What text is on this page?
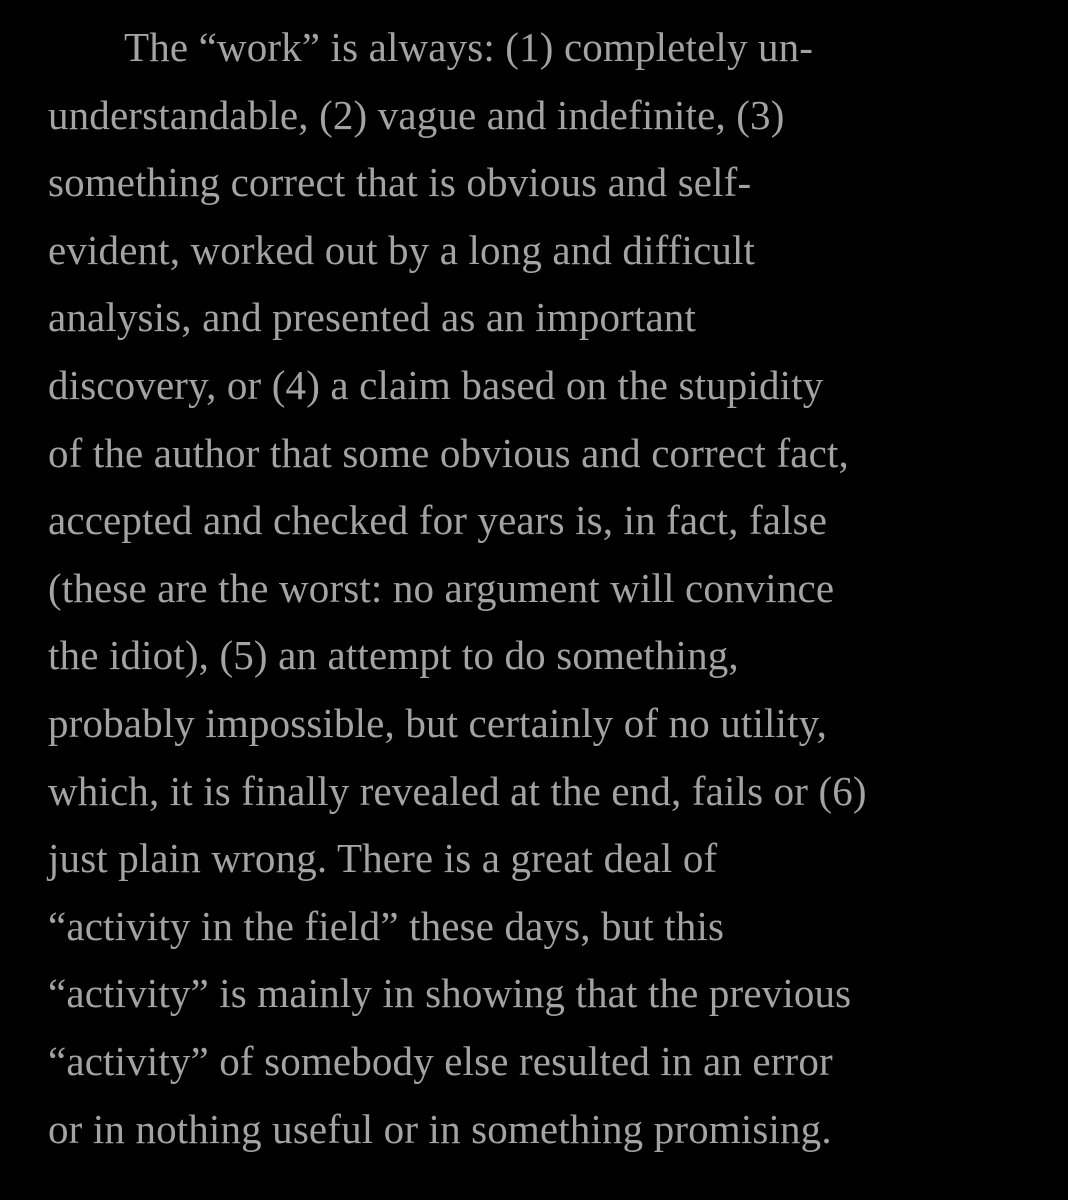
The “work” is always: (1) completely un-
understandable, (2) vague and indefinite, (3)
something correct that is obvious and self-
evident, worked out by a long and difficult
analysis, and presented as an important
discovery, or (4) a claim based on the stupidity
of the author that some obvious and correct fact,
accepted and checked for years is, in fact, false
(these are the worst: no argument will convince
the idiot), (5) an attempt to do something,
probably impossible, but certainly of no utility,
which, it is finally revealed at the end, fails or (6)
just plain wrong. There is a great deal of
“activity in the field” these days, but this
“activity” is mainly in showing that the previous
“activity” of somebody else resulted in an error
or in nothing useful or in something promising.
